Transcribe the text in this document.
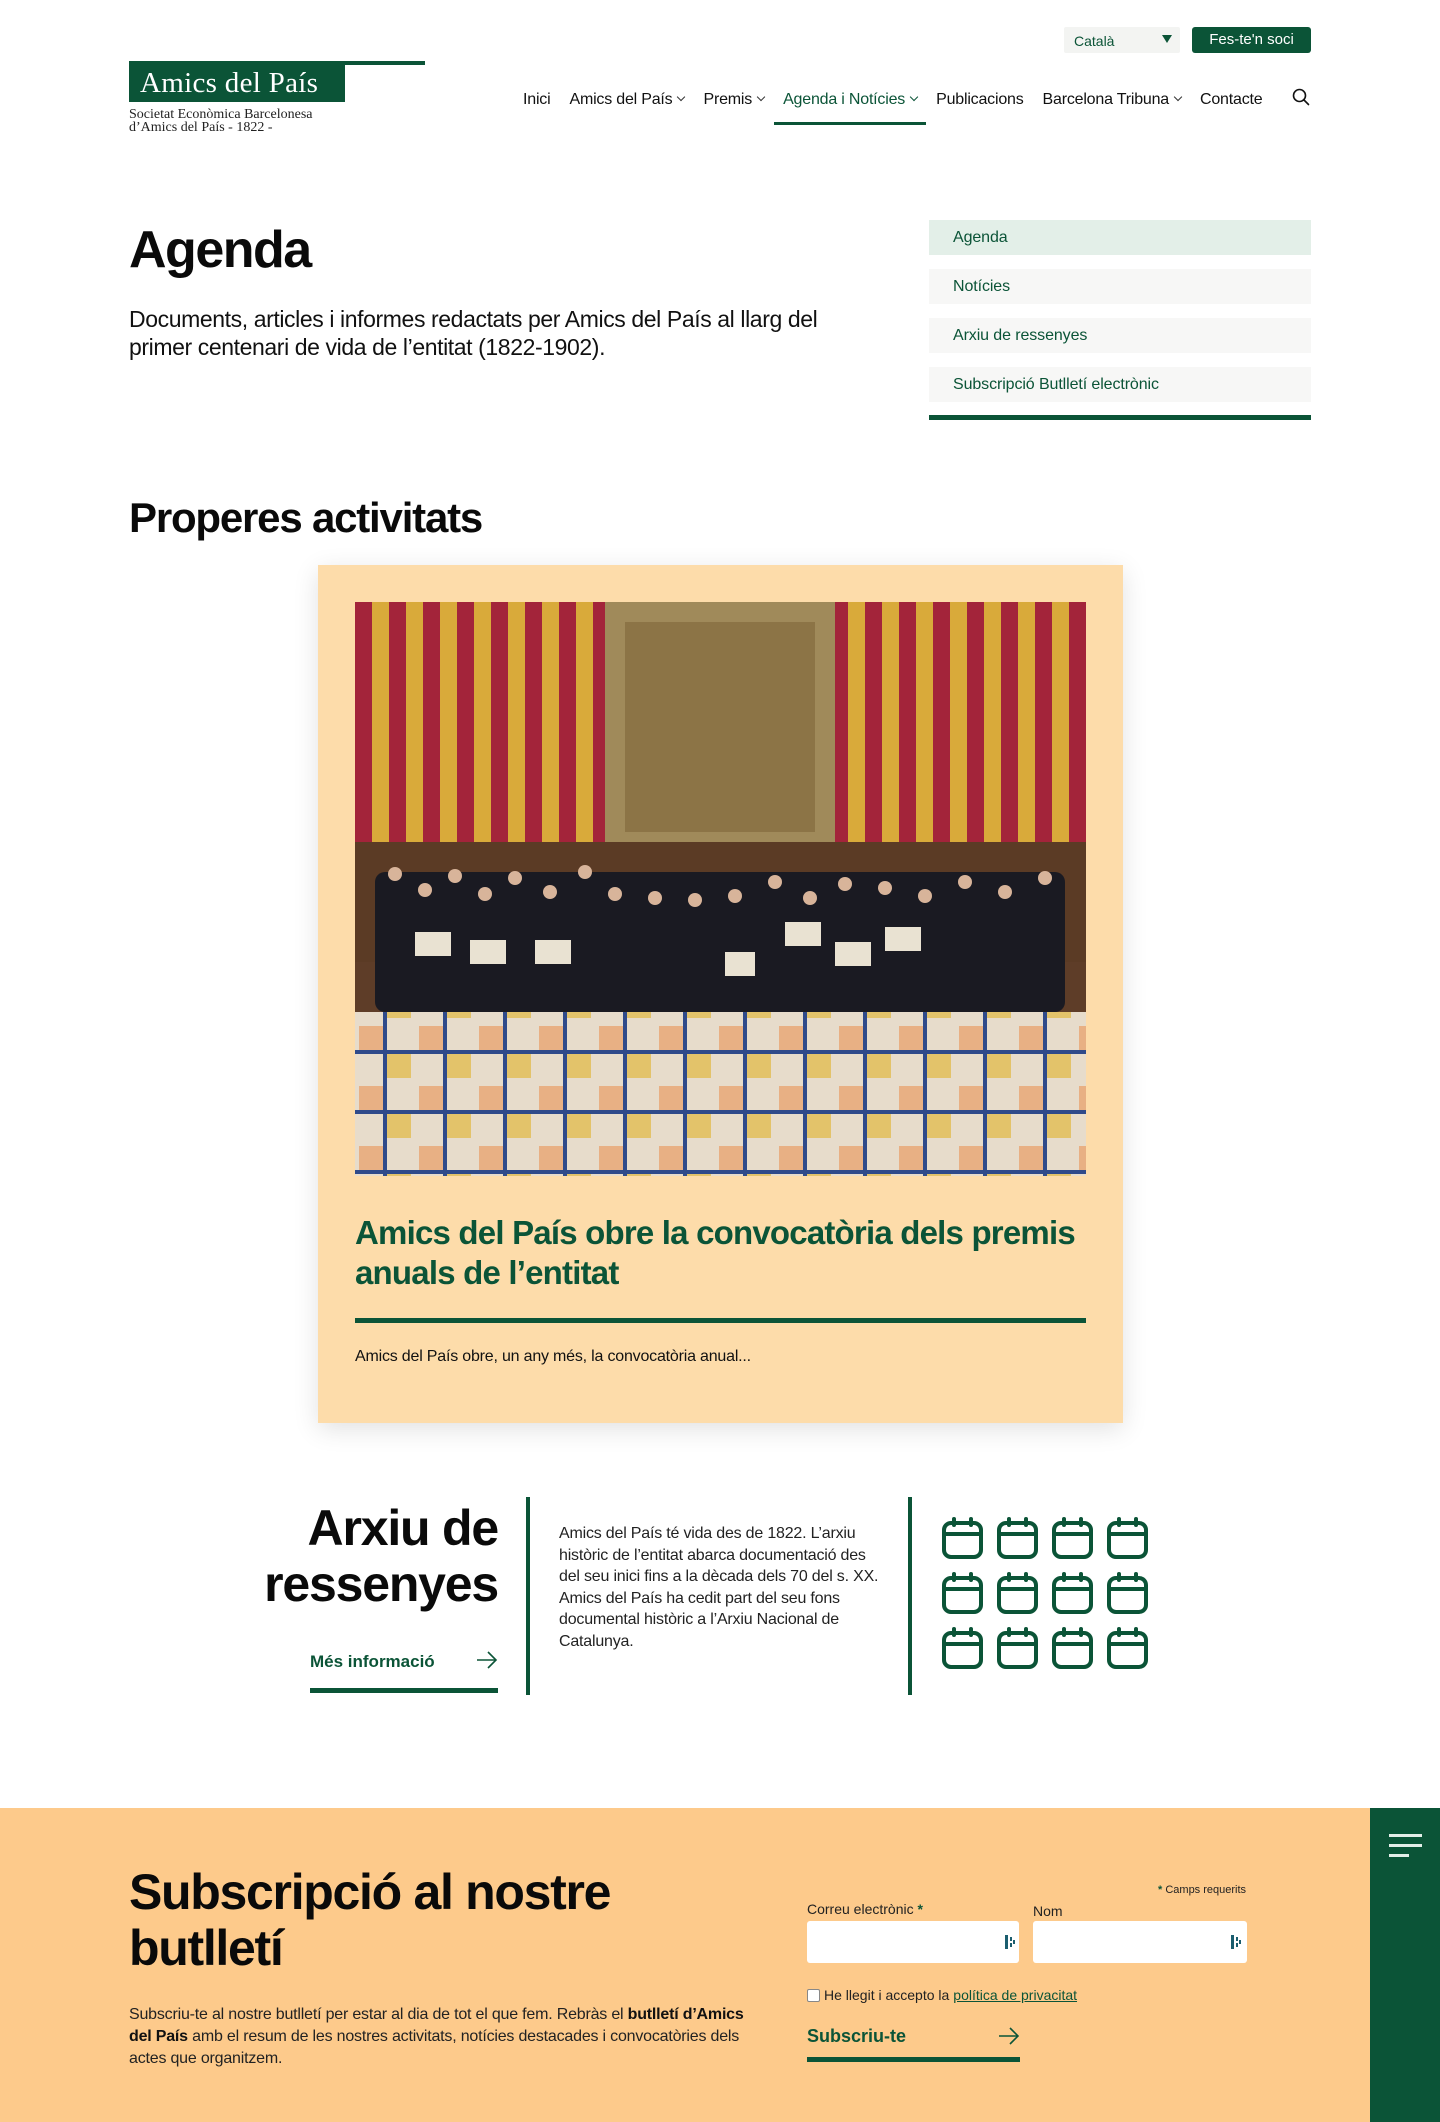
Amics del País
Societat Econòmica Barcelonesa
d’Amics del País - 1822 -
Català	Fes-te'n soci
Inici Amics del País	Premis	Agenda i Notícies	Publicacions Barcelona Tribuna	Contacte
Agenda

Documents, articles i informes redactats per Amics del País al llarg del primer centenari de vida de l’entitat (1822-1902).

Agenda
Notícies
Arxiu de ressenyes
Subscripció Butlletí electrònic
Properes activitats
Amics del País obre la convocatòria dels premis anuals de l’entitat

Amics del País obre, un any més, la convocatòria anual...

Arxiu de
ressenyes
Més informació

Amics del País té vida des de 1822. L’arxiu històric de l’entitat abarca documentació des del seu inici fins a la dècada dels 70 del s. XX. Amics del País ha cedit part del seu fons documental històric a l’Arxiu Nacional de Catalunya.

Subscripció al nostre butlletí

Subscriu-te al nostre butlletí per estar al dia de tot el que fem. Rebràs el butlletí d’Amics del País amb el resum de les nostres activitats, notícies destacades i convocatòries dels actes que organitzem.

* Camps requerits
Correu electrònic *	Nom
He llegit i accepto la política de privacitat
Subscriu-te
